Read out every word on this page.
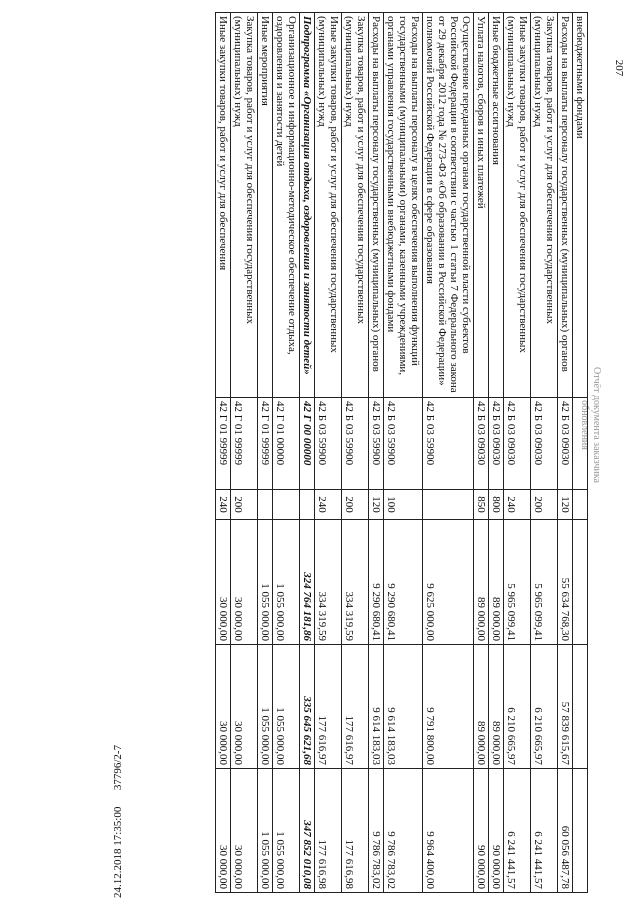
207
Отчёт документа заказчика
обновления
внебюджетными фондами					
Расходы на выплаты персоналу государственных (муниципальных) органов	42 Б 03 09030	120	55 634 768,30	57 839 615,67	60 056 487,78
Закупка товаров, работ и услуг для обеспечения государственных (муниципальных) нужд	42 Б 03 09030	200	5 965 099,41	6 210 665,97	6 241 441,57
Иные закупки товаров, работ и услуг для обеспечения государственных (муниципальных) нужд	42 Б 03 09030	240	5 965 099,41	6 210 665,97	6 241 441,57
Иные бюджетные ассигнования	42 Б 03 09030	800	89 000,00	89 000,00	90 000,00
Уплата налогов, сборов и иных платежей	42 Б 03 09030	850	89 000,00	89 000,00	90 000,00
Осуществление переданных органам государственной власти субъектов Российской Федерации в соответствии с частью 1 статьи 7 Федерального закона от 29 декабря 2012 года № 273-ФЗ «Об образовании в Российской Федерации» полномочий Российской Федерации в сфере образования	42 Б 03 59900		9 625 000,00	9 791 800,00	9 964 400,00
Расходы на выплаты персоналу в целях обеспечения выполнения функций государственными (муниципальными) органами, казенными учреждениями, органами управления государственными внебюджетными фондами	42 Б 03 59900	100	9 290 680,41	9 614 183,03	9 786 783,02
Расходы на выплаты персоналу государственных (муниципальных) органов	42 Б 03 59900	120	9 290 680,41	9 614 183,03	9 786 783,02
Закупка товаров, работ и услуг для обеспечения государственных (муниципальных) нужд	42 Б 03 59900	200	334 319,59	177 616,97	177 616,98
Иные закупки товаров, работ и услуг для обеспечения государственных (муниципальных) нужд	42 Б 03 59900	240	334 319,59	177 616,97	177 616,98
Подпрограмма «Организация отдыха, оздоровления и занятости детей»	42 Г 00 00000		324 764 181,86	335 645 621,68	347 852 010,08
Организационное и информационно-методическое обеспечение отдыха, оздоровления и занятости детей	42 Г 01 00000		1 055 000,00	1 055 000,00	1 055 000,00
Иные мероприятия	42 Г 01 99999		1 055 000,00	1 055 000,00	1 055 000,00
Закупка товаров, работ и услуг для обеспечения государственных (муниципальных) нужд	42 Г 01 99999	200	30 000,00	30 000,00	30 000,00
Иные закупки товаров, работ и услуг для обеспечения	42 Г 01 99999	240	30 000,00	30 000,00	30 000,00
24.12.2018 17:35:00      37796/2-7
